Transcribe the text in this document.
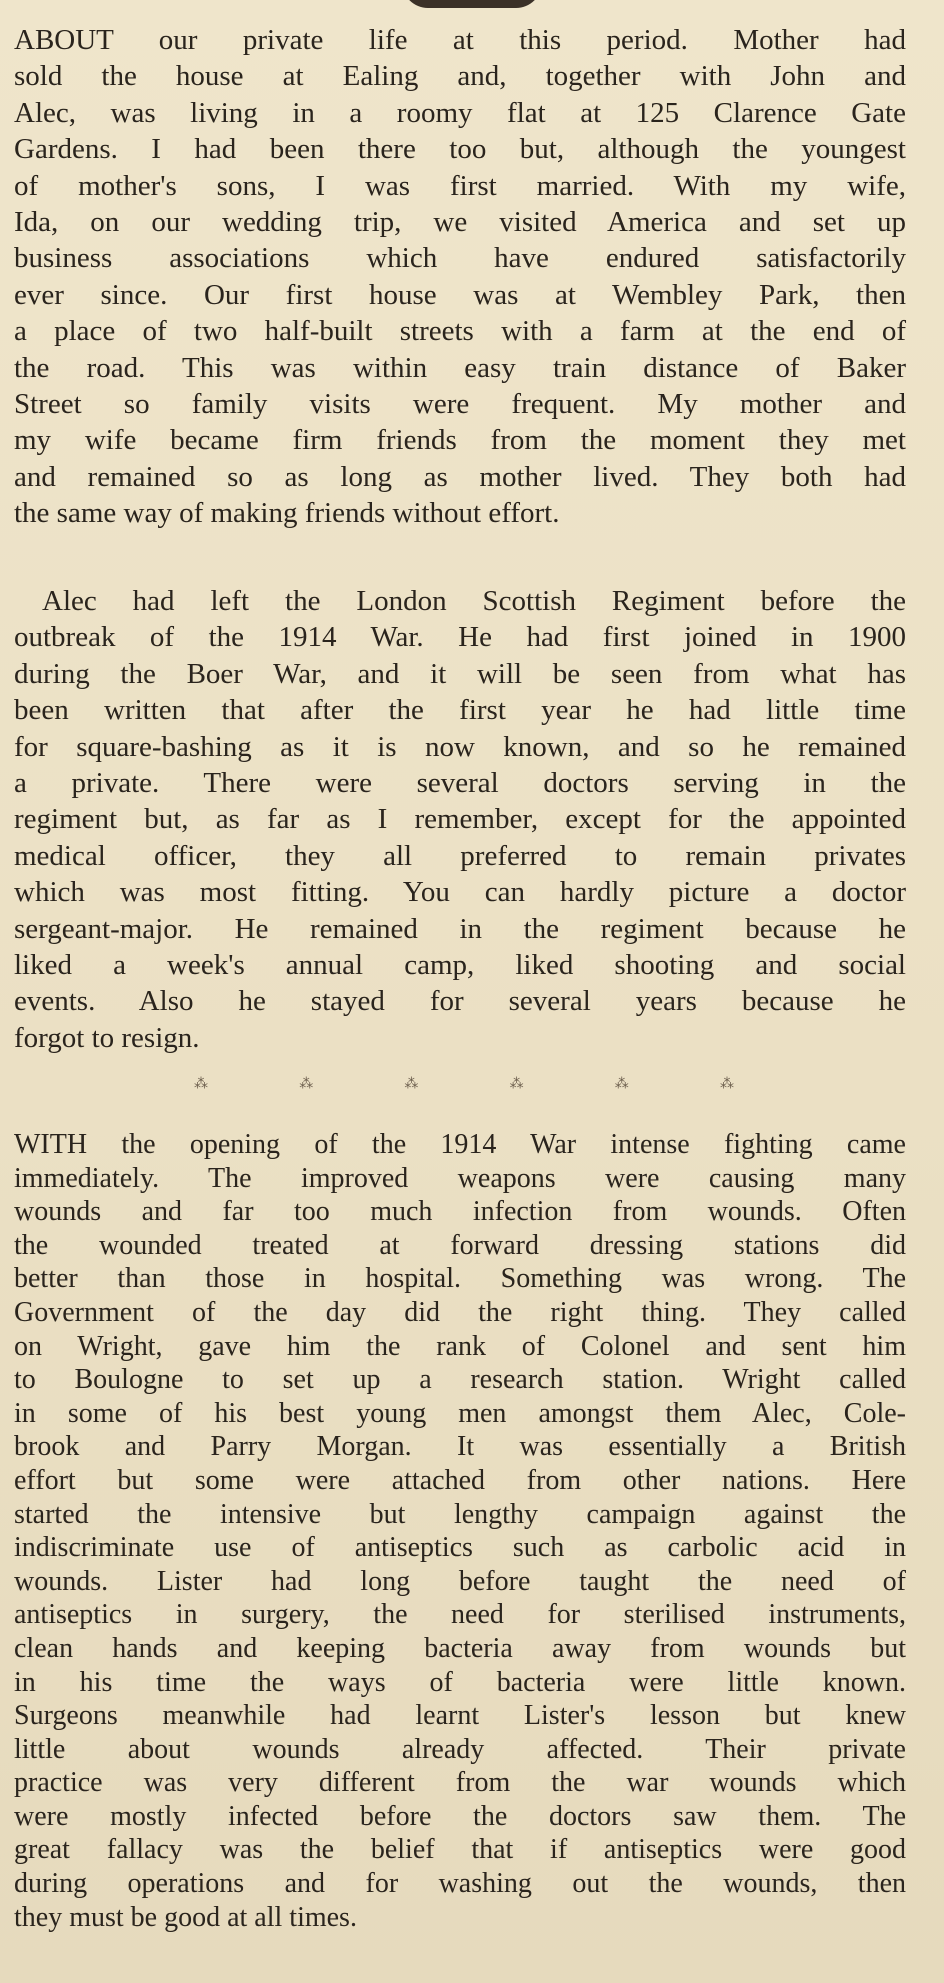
ABOUT our private life at this period. Mother had
sold the house at Ealing and, together with John and
Alec, was living in a roomy flat at 125 Clarence Gate
Gardens. I had been there too but, although the youngest
of mother's sons, I was first married. With my wife,
Ida, on our wedding trip, we visited America and set up
business associations which have endured satisfactorily
ever since. Our first house was at Wembley Park, then
a place of two half-built streets with a farm at the end of
the road. This was within easy train distance of Baker
Street so family visits were frequent. My mother and
my wife became firm friends from the moment they met
and remained so as long as mother lived. They both had
the same way of making friends without effort.
Alec had left the London Scottish Regiment before the
outbreak of the 1914 War. He had first joined in 1900
during the Boer War, and it will be seen from what has
been written that after the first year he had little time
for square-bashing as it is now known, and so he remained
a private. There were several doctors serving in the
regiment but, as far as I remember, except for the appointed
medical officer, they all preferred to remain privates
which was most fitting. You can hardly picture a doctor
sergeant-major. He remained in the regiment because he
liked a week's annual camp, liked shooting and social
events. Also he stayed for several years because he
forgot to resign.
⁂	⁂	⁂	⁂	⁂	⁂
WITH the opening of the 1914 War intense fighting came
immediately. The improved weapons were causing many
wounds and far too much infection from wounds. Often
the wounded treated at forward dressing stations did
better than those in hospital. Something was wrong. The
Government of the day did the right thing. They called
on Wright, gave him the rank of Colonel and sent him
to Boulogne to set up a research station. Wright called
in some of his best young men amongst them Alec, Cole-
brook and Parry Morgan. It was essentially a British
effort but some were attached from other nations. Here
started the intensive but lengthy campaign against the
indiscriminate use of antiseptics such as carbolic acid in
wounds. Lister had long before taught the need of
antiseptics in surgery, the need for sterilised instruments,
clean hands and keeping bacteria away from wounds but
in his time the ways of bacteria were little known.
Surgeons meanwhile had learnt Lister's lesson but knew
little about wounds already affected. Their private
practice was very different from the war wounds which
were mostly infected before the doctors saw them. The
great fallacy was the belief that if antiseptics were good
during operations and for washing out the wounds, then
they must be good at all times.
